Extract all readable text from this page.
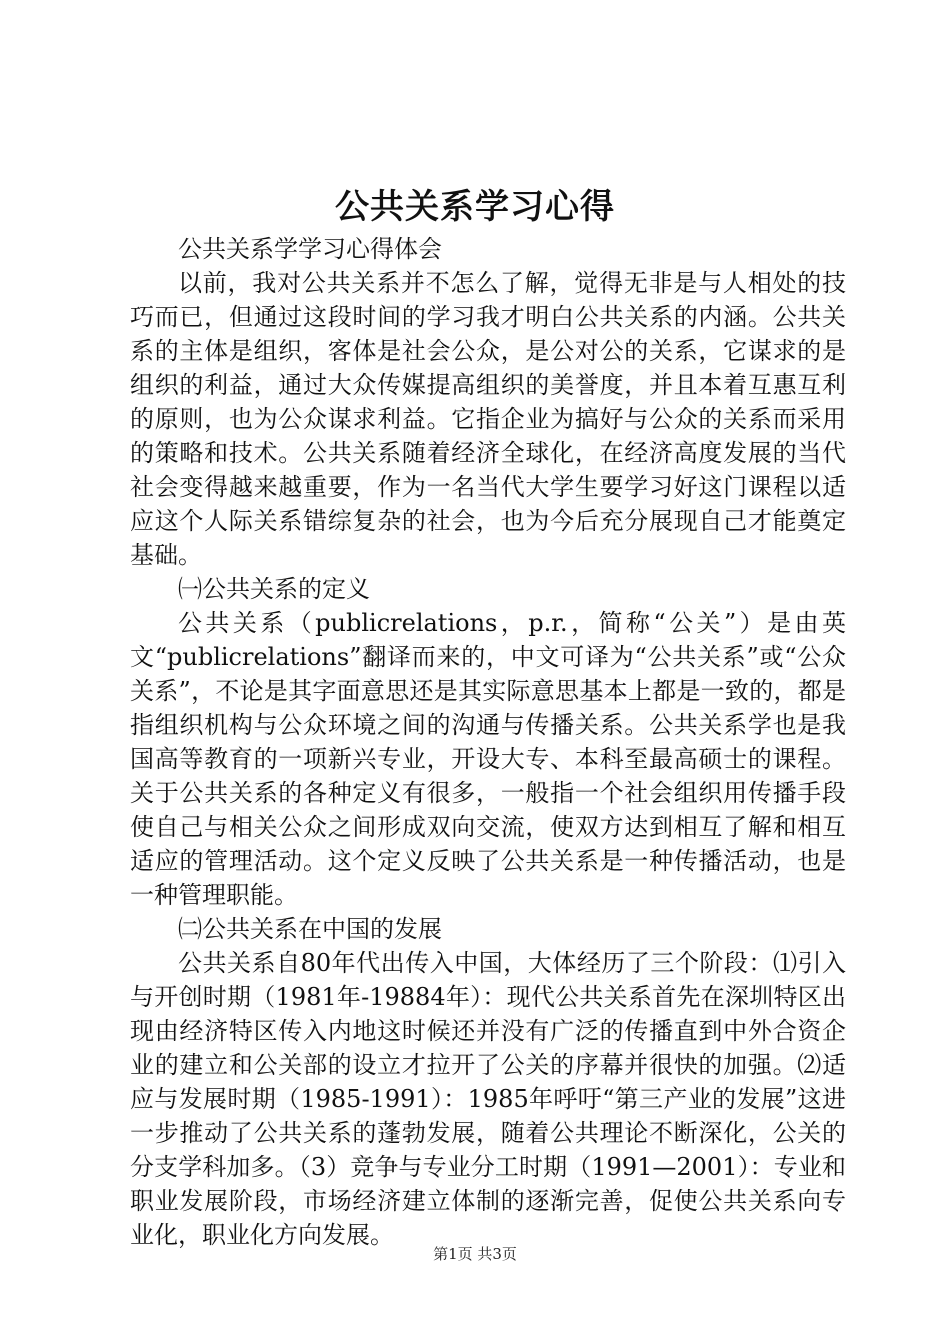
公共关系学习心得

公共关系学学习心得体会

以前，我对公共关系并不怎么了解，觉得无非是与人相处的技巧而已，但通过这段时间的学习我才明白公共关系的内涵。公共关系的主体是组织，客体是社会公众，是公对公的关系，它谋求的是组织的利益，通过大众传媒提高组织的美誉度，并且本着互惠互利的原则，也为公众谋求利益。它指企业为搞好与公众的关系而采用的策略和技术。公共关系随着经济全球化，在经济高度发展的当代社会变得越来越重要，作为一名当代大学生要学习好这门课程以适应这个人际关系错综复杂的社会，也为今后充分展现自己才能奠定基础。

㈠公共关系的定义

公共关系（publicrelations，p.r.，简称“公关”）是由英文“publicrelations”翻译而来的，中文可译为“公共关系”或“公众关系”，不论是其字面意思还是其实际意思基本上都是一致的，都是指组织机构与公众环境之间的沟通与传播关系。公共关系学也是我国高等教育的一项新兴专业，开设大专、本科至最高硕士的课程。关于公共关系的各种定义有很多，一般指一个社会组织用传播手段使自己与相关公众之间形成双向交流，使双方达到相互了解和相互适应的管理活动。这个定义反映了公共关系是一种传播活动，也是一种管理职能。

㈡公共关系在中国的发展

公共关系自80年代出传入中国，大体经历了三个阶段：⑴引入与开创时期（1981年-19884年）：现代公共关系首先在深圳特区出现由经济特区传入内地这时候还并没有广泛的传播直到中外合资企业的建立和公关部的设立才拉开了公关的序幕并很快的加强。⑵适应与发展时期（1985-1991）：1985年呼吁“第三产业的发展”这进一步推动了公共关系的蓬勃发展，随着公共理论不断深化，公关的分支学科加多。（3）竞争与专业分工时期（1991—2001）：专业和职业发展阶段，市场经济建立体制的逐渐完善，促使公共关系向专业化，职业化方向发展。

第1页 共3页
